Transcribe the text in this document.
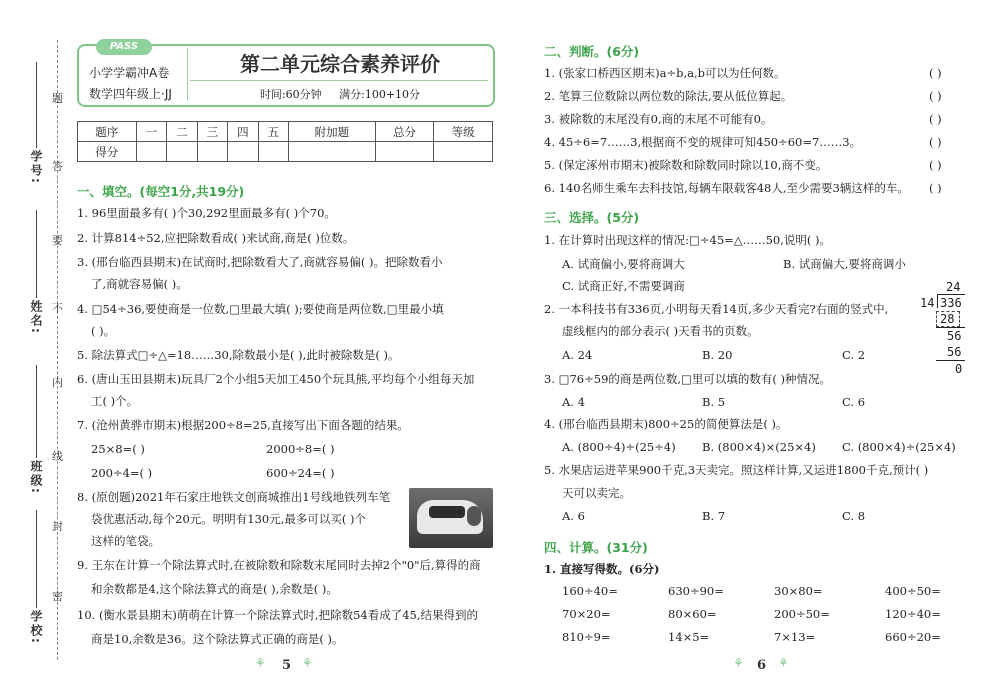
学号:
姓名:
班级:
学校:
题
答
要
不
内
线
封
密
PASS
小学学霸冲A卷
数学四年级上·JJ
第二单元综合素养评价
时间:60分钟 满分:100+10分
题序	一	二	三	四	五	附加题	总分	等级
得分								
一、填空。(每空1分,共19分)
1. 96里面最多有( )个30,292里面最多有( )个70。
2. 计算814÷52,应把除数看成( )来试商,商是( )位数。
3. (邢台临西县期末)在试商时,把除数看大了,商就容易偏( )。把除数看小
了,商就容易偏( )。
4. □54÷36,要使商是一位数,□里最大填( );要使商是两位数,□里最小填
( )。
5. 除法算式□÷△=18……30,除数最小是( ),此时被除数是( )。
6. (唐山玉田县期末)玩具厂2个小组5天加工450个玩具熊,平均每个小组每天加
工( )个。
7. (沧州黄骅市期末)根据200÷8=25,直接写出下面各题的结果。
25×8=( )	2000÷8=( )
200÷4=( )	600÷24=( )
8. (原创题)2021年石家庄地铁文创商城推出1号线地铁列车笔
袋优惠活动,每个20元。明明有130元,最多可以买( )个
这样的笔袋。
9. 王东在计算一个除法算式时,在被除数和除数末尾同时去掉2个"0"后,算得的商
和余数都是4,这个除法算式的商是( ),余数是( )。
10. (衡水景县期末)萌萌在计算一个除法算式时,把除数54看成了45,结果得到的
商是10,余数是36。这个除法算式正确的商是( )。
⚘ 5 ⚘
二、判断。(6分)
1. (张家口桥西区期末)a÷b,a,b可以为任何数。	( )
2. 笔算三位数除以两位数的除法,要从低位算起。	( )
3. 被除数的末尾没有0,商的末尾不可能有0。	( )
4. 45÷6=7……3,根据商不变的规律可知450÷60=7……3。	( )
5. (保定涿州市期末)被除数和除数同时除以10,商不变。	( )
6. 140名师生乘车去科技馆,每辆车限载客48人,至少需要3辆这样的车。 ( )
三、选择。(5分)
1. 在计算时出现这样的情况:□÷45=△……50,说明( )。
A. 试商偏小,要将商调大	B. 试商偏大,要将商调小
C. 试商正好,不需要调商
2. 一本科技书有336页,小明每天看14页,多少天看完?右面的竖式中,
虚线框内的部分表示( )天看书的页数。
A. 24	B. 20	C. 2
24
14 336
28
56
56
0
3. □76÷59的商是两位数,□里可以填的数有( )种情况。
A. 4	B. 5	C. 6
4. (邢台临西县期末)800÷25的简便算法是( )。
A. (800÷4)÷(25÷4) B. (800×4)×(25×4) C. (800×4)÷(25×4)
5. 水果店运进苹果900千克,3天卖完。照这样计算,又运进1800千克,预计( )
天可以卖完。
A. 6	B. 7	C. 8
四、计算。(31分)
1. 直接写得数。(6分)
160÷40=	630÷90=	30×80=	400÷50=
70×20=	80×60=	200÷50=	120÷40=
810÷9=	14×5=	7×13=	660÷20=
⚘ 6 ⚘
